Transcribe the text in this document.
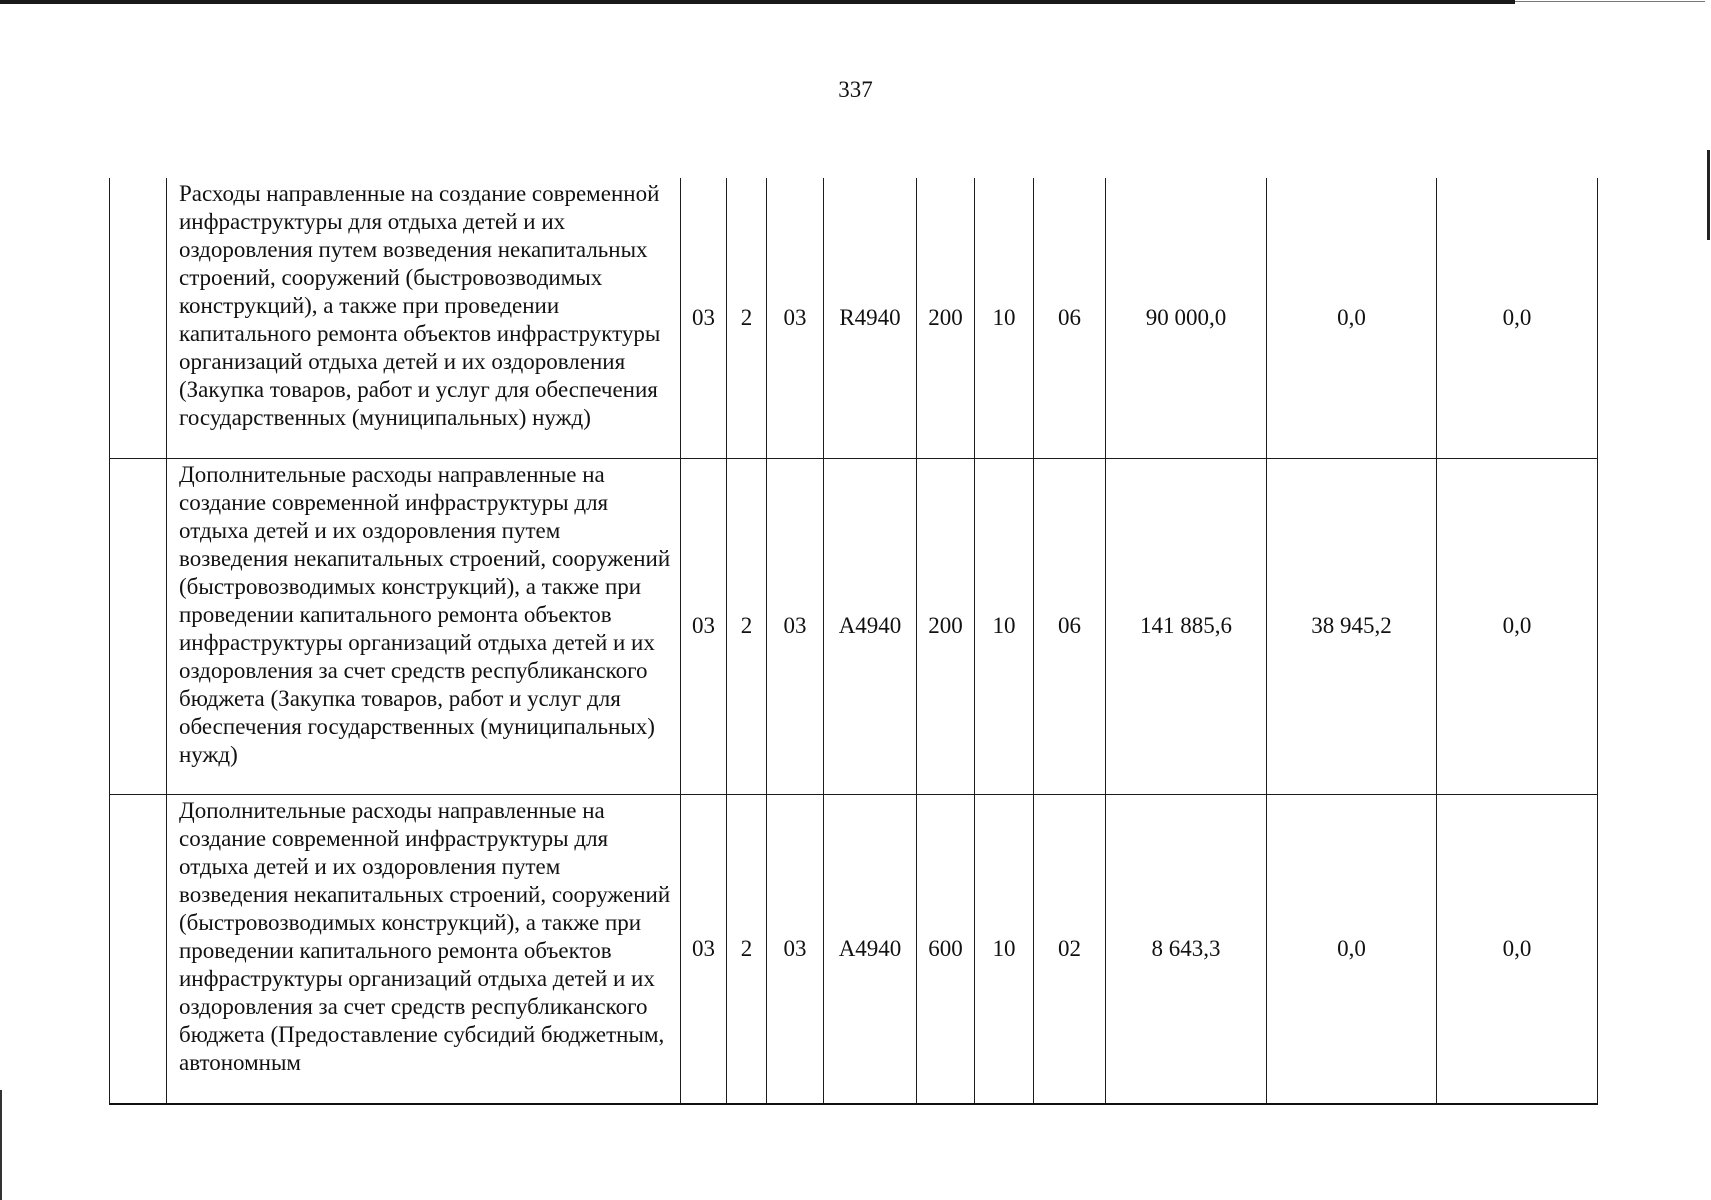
337
	Расходы направленные на создание современной инфраструктуры для отдыха детей и их оздоровления путем возведения некапитальных строений, сооружений (быстровозводимых конструкций), а также при проведении капитального ремонта объектов инфраструктуры организаций отдыха детей и их оздоровления (Закупка товаров, работ и услуг для обеспечения государственных (муниципальных) нужд)	03	2	03	R4940	200	10	06	90 000,0	0,0	0,0
	Дополнительные расходы направленные на создание современной инфраструктуры для отдыха детей и их оздоровления путем возведения некапитальных строений, сооружений (быстровозводимых конструкций), а также при проведении капитального ремонта объектов инфраструктуры организаций отдыха детей и их оздоровления за счет средств республиканского бюджета (Закупка товаров, работ и услуг для обеспечения государственных (муниципальных) нужд)	03	2	03	A4940	200	10	06	141 885,6	38 945,2	0,0
	Дополнительные расходы направленные на создание современной инфраструктуры для отдыха детей и их оздоровления путем возведения некапитальных строений, сооружений (быстровозводимых конструкций), а также при проведении капитального ремонта объектов инфраструктуры организаций отдыха детей и их оздоровления за счет средств республиканского бюджета (Предоставление субсидий бюджетным, автономным	03	2	03	A4940	600	10	02	8 643,3	0,0	0,0
